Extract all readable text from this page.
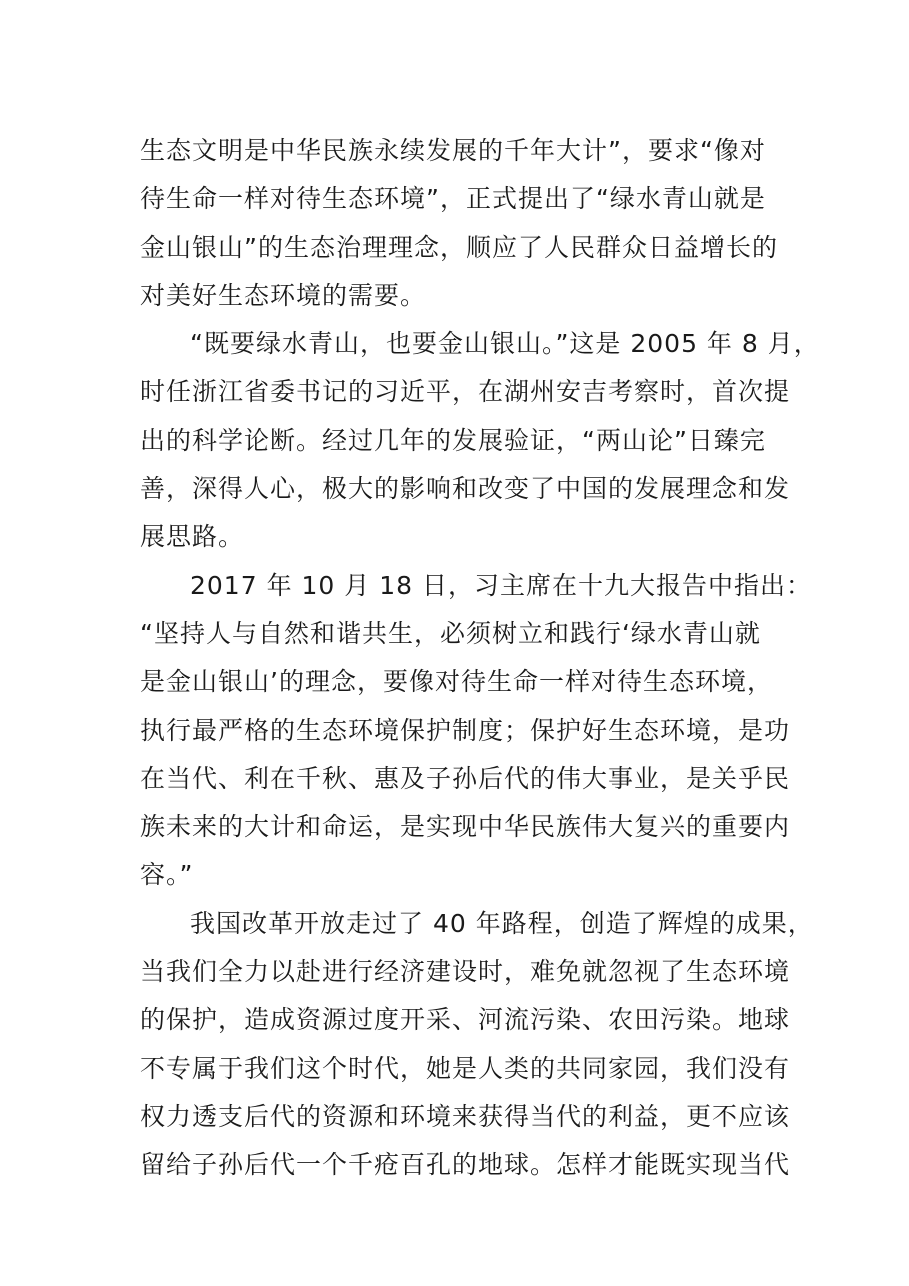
生态文明是中华民族永续发展的千年大计”，要求“像对
待生命一样对待生态环境”，正式提出了“绿水青山就是
金山银山”的生态治理理念，顺应了人民群众日益增长的
对美好生态环境的需要。
“既要绿水青山，也要金山银山。”这是 2005 年 8 月，
时任浙江省委书记的习近平，在湖州安吉考察时，首次提
出的科学论断。经过几年的发展验证，“两山论”日臻完
善，深得人心，极大的影响和改变了中国的发展理念和发
展思路。
2017 年 10 月 18 日，习主席在十九大报告中指出：
“坚持人与自然和谐共生，必须树立和践行‘绿水青山就
是金山银山’的理念，要像对待生命一样对待生态环境，
执行最严格的生态环境保护制度；保护好生态环境，是功
在当代、利在千秋、惠及子孙后代的伟大事业，是关乎民
族未来的大计和命运，是实现中华民族伟大复兴的重要内
容。”
我国改革开放走过了 40 年路程，创造了辉煌的成果，
当我们全力以赴进行经济建设时，难免就忽视了生态环境
的保护，造成资源过度开采、河流污染、农田污染。地球
不专属于我们这个时代，她是人类的共同家园，我们没有
权力透支后代的资源和环境来获得当代的利益，更不应该
留给子孙后代一个千疮百孔的地球。怎样才能既实现当代
